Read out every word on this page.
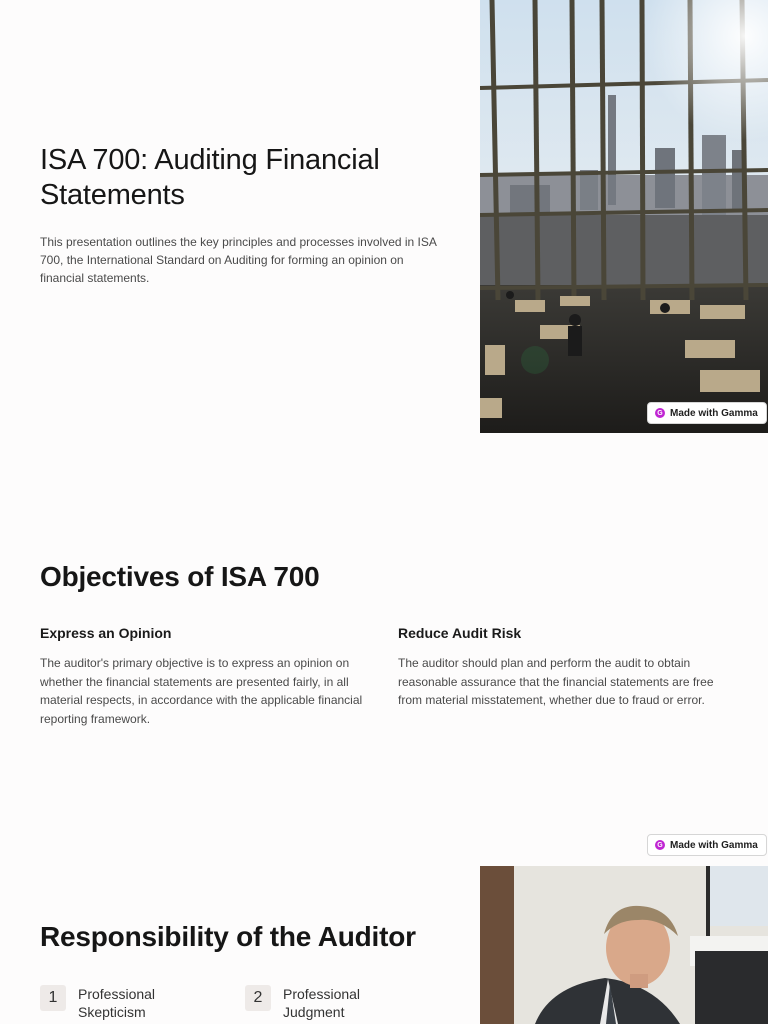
ISA 700: Auditing Financial Statements

This presentation outlines the key principles and processes involved in ISA 700, the International Standard on Auditing for forming an opinion on financial statements.

G Made with Gamma
Objectives of ISA 700
Express an Opinion

The auditor's primary objective is to express an opinion on whether the financial statements are presented fairly, in all material respects, in accordance with the applicable financial reporting framework.

Reduce Audit Risk

The auditor should plan and perform the audit to obtain reasonable assurance that the financial statements are free from material misstatement, whether due to fraud or error.

G Made with Gamma
Responsibility of the Auditor
1	Professional Skepticism
2	Professional Judgment
